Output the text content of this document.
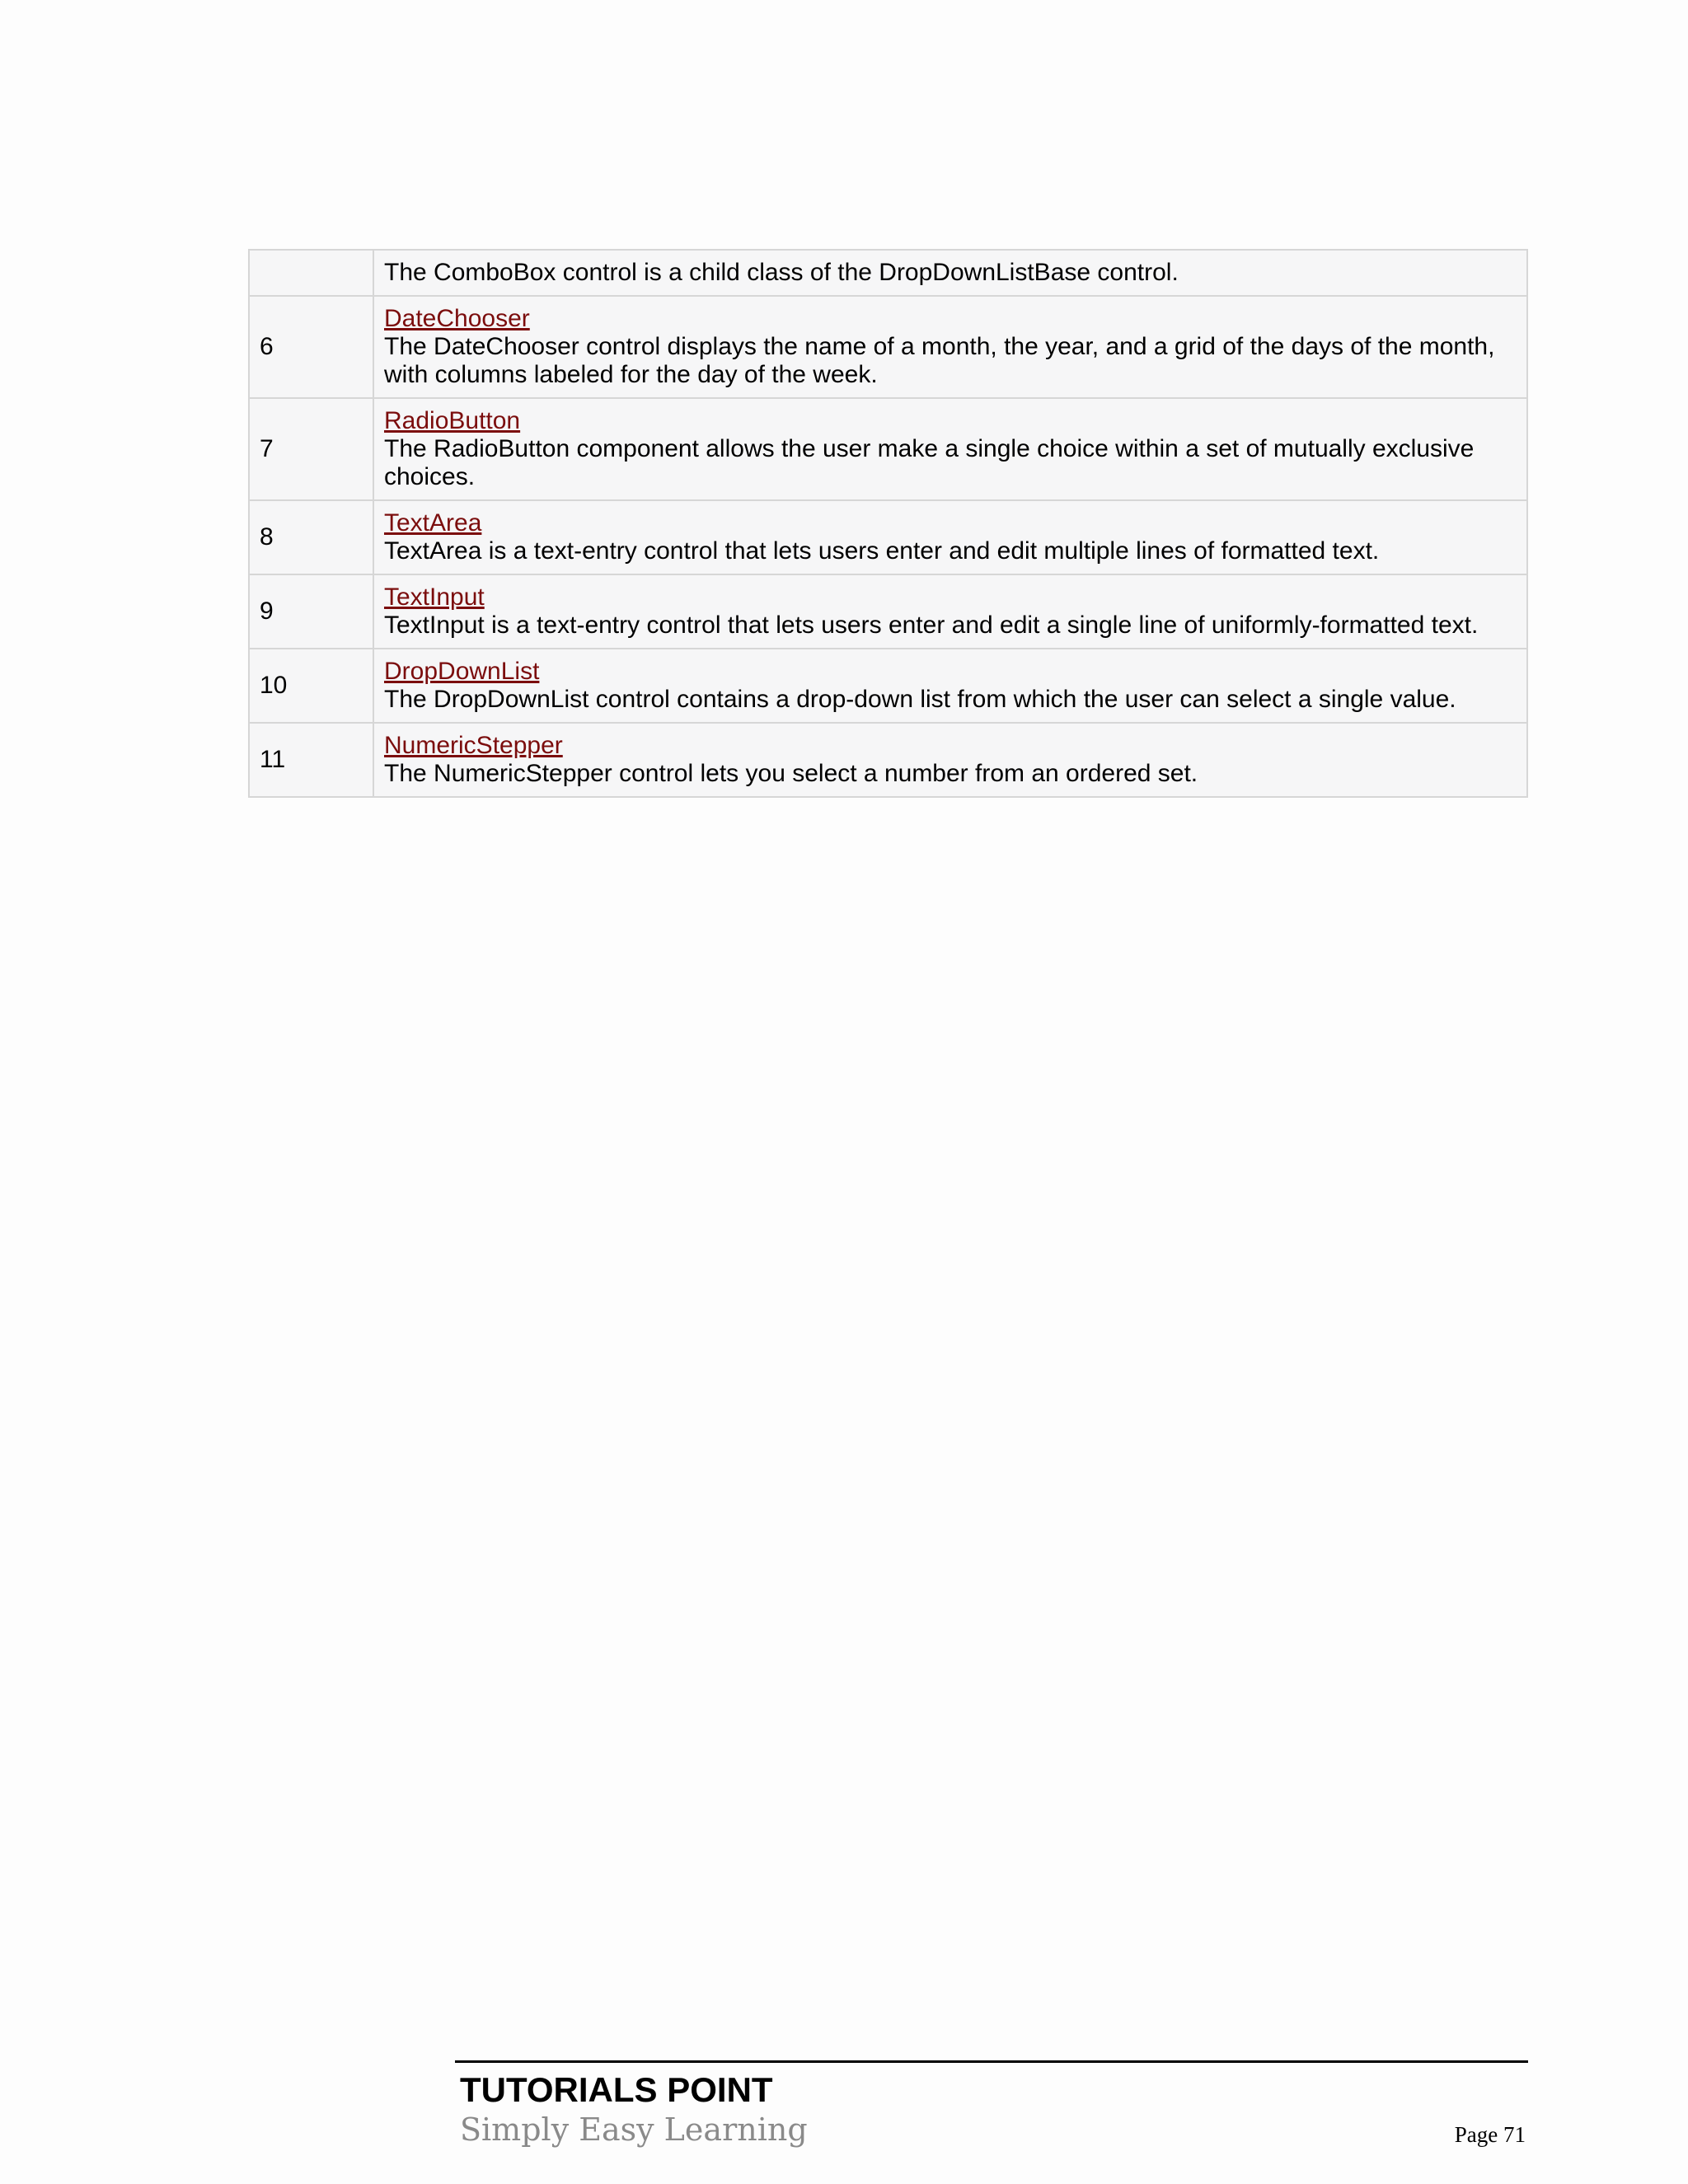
	The ComboBox control is a child class of the DropDownListBase control.

6	DateChooser
The DateChooser control displays the name of a month, the year, and a grid of the days of the month, with columns labeled for the day of the week.

7	RadioButton
The RadioButton component allows the user make a single choice within a set of mutually exclusive choices.

8	TextArea
TextArea is a text-entry control that lets users enter and edit multiple lines of formatted text.

9	TextInput
TextInput is a text-entry control that lets users enter and edit a single line of uniformly-formatted text.

10	DropDownList
The DropDownList control contains a drop-down list from which the user can select a single value.

11	NumericStepper
The NumericStepper control lets you select a number from an ordered set.
TUTORIALS POINT
Simply Easy Learning	Page 71
